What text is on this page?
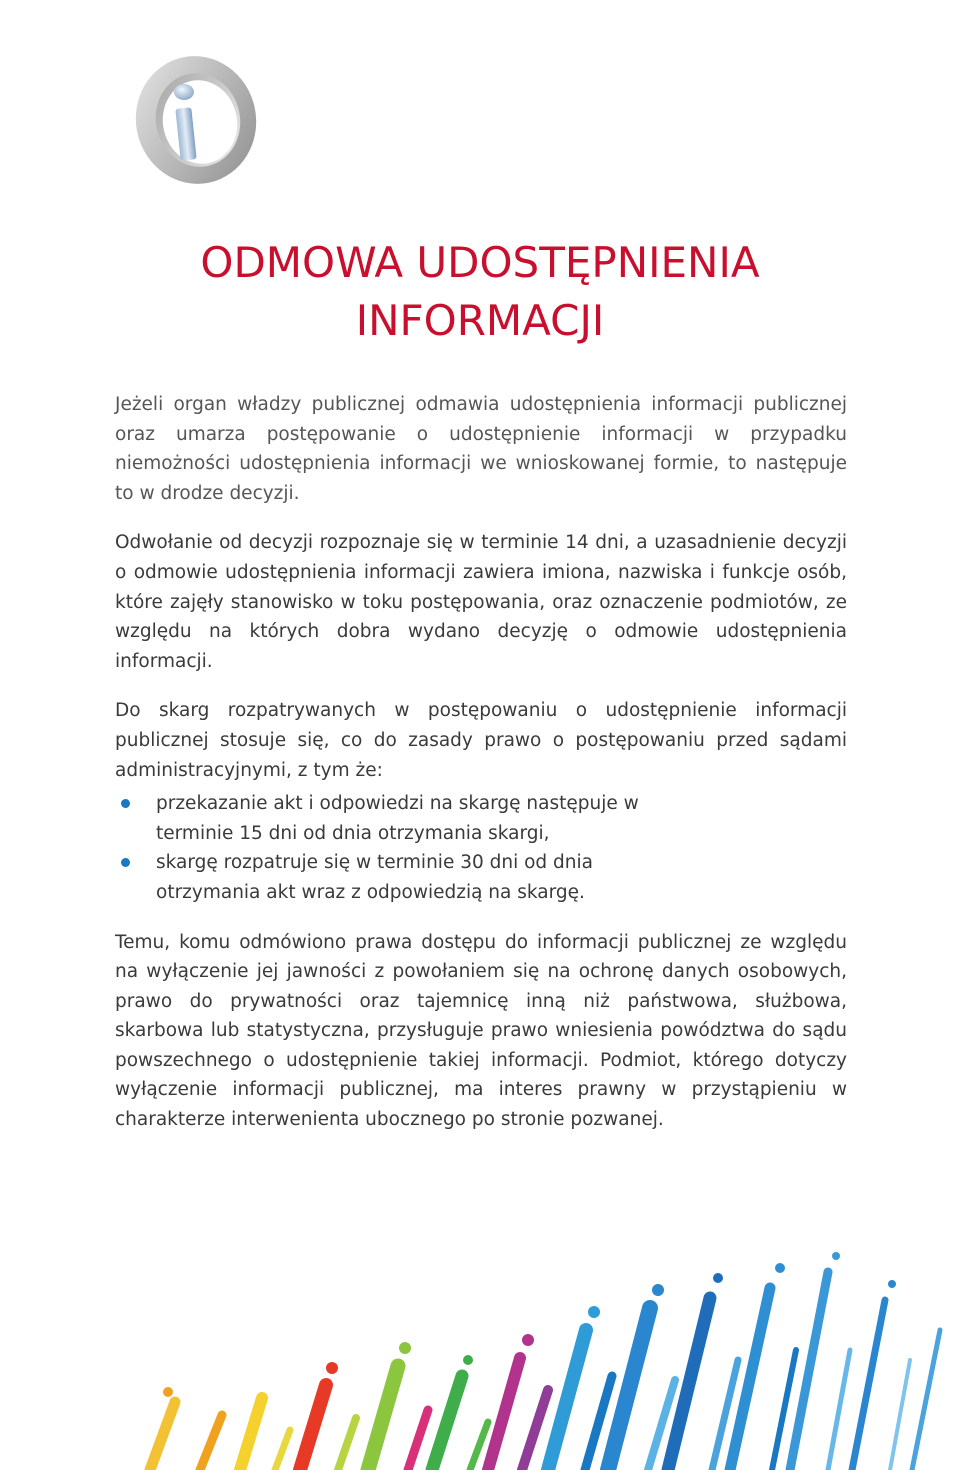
ODMOWA UDOSTĘPNIENIA
INFORMACJI

Jeżeli organ władzy publicznej odmawia udostępnienia informacji publicznej oraz umarza postępowanie o udostępnienie informacji w przypadku niemożności udostępnienia informacji we wnioskowanej formie, to następuje to w drodze decyzji.

Odwołanie od decyzji rozpoznaje się w terminie 14 dni, a uzasadnienie decyzji o odmowie udostępnienia informacji zawiera imiona, nazwiska i funkcje osób, które zajęły stanowisko w toku postępowania, oraz oznaczenie podmiotów, ze względu na których dobra wydano decyzję o odmowie udostępnienia informacji.

Do skarg rozpatrywanych w postępowaniu o udostępnienie informacji publicznej stosuje się, co do zasady prawo o postępowaniu przed sądami administracyjnymi, z tym że:

przekazanie akt i odpowiedzi na skargę następuje w terminie 15 dni od dnia otrzymania skargi,
skargę rozpatruje się w terminie 30 dni od dnia otrzymania akt wraz z odpowiedzią na skargę.

Temu, komu odmówiono prawa dostępu do informacji publicznej ze względu na wyłączenie jej jawności z powołaniem się na ochronę danych osobowych, prawo do prywatności oraz tajemnicę inną niż państwowa, służbowa, skarbowa lub statystyczna, przysługuje prawo wniesienia powództwa do sądu powszechnego o udostępnienie takiej informacji. Podmiot, którego dotyczy wyłączenie informacji publicznej, ma interes prawny w przystąpieniu w charakterze interwenienta ubocznego po stronie pozwanej.
